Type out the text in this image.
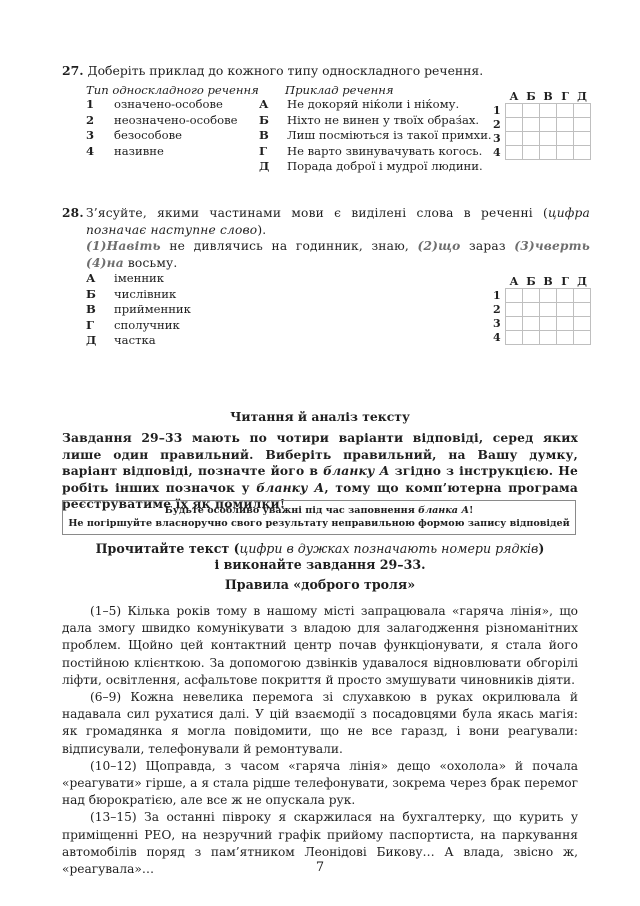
27. Доберіть приклад до кожного типу односкладного речення.
Тип односкладного речення Приклад речення
1	означено-особове
2	неозначено-особове
3	безособове
4	називне
А	Не докоряй ніќоли і ніќому.
Б	Ніхто не винен у твоїх образ́ах.
В	Лиш посміються із такої примхи.
Г	Не варто звинувачувать когось.
Д	Порада доброї і мудрої людини.
	А	Б	В	Г	Д
1					
2					
3					
4					
28. З’ясуйте, якими частинами мови є виділені слова в реченні (цифра позначає наступне слово).
(1)Навіть не дивлячись на годинник, знаю, (2)що зараз (3)чверть (4)на восьму.
А	іменник
Б	числівник
В	прийменник
Г	сполучник
Д	частка
	А	Б	В	Г	Д
1					
2					
3					
4					
Читання й аналіз тексту
Завдання 29–33 мають по чотири варіанти відповіді, серед яких лише один правильний. Виберіть правильний, на Вашу думку, варіант відповіді, позначте його в бланку А згідно з інструкцією. Не робіть інших позначок у бланку А, тому що комп’ютерна програма реєструватиме їх як помилки!
Будьте особливо уважні під час заповнення бланка А!
Не погіршуйте власноручно свого результату неправильною формою запису відповідей
Прочитайте текст (цифри в дужках позначають номери рядків)
і виконайте завдання 29–33.
Правила «доброго троля»

(1–5) Кілька років тому в нашому місті запрацювала «гаряча лінія», що дала змогу швидко комунікувати з владою для залагодження різноманітних проблем. Щойно цей контактний центр почав функціонувати, я стала його постійною клієнткою. За допомогою дзвінків удавалося відновлювати обгорілі ліфти, освітлення, асфальтове покриття й просто змушувати чиновників діяти.

(6–9) Кожна невелика перемога зі слухавкою в руках окрилювала й надавала сил рухатися далі. У цій взаємодії з посадовцями була якась магія: як громадянка я могла повідомити, що не все гаразд, і вони реагували: відписували, телефонували й ремонтували.

(10–12) Щоправда, з часом «гаряча лінія» дещо «охолола» й почала «реагувати» гірше, а я стала рідше телефонувати, зокрема через брак перемог над бюрократією, але все ж не опускала рук.

(13–15) За останні півроку я скаржилася на бухгалтерку, що курить у приміщенні РЕО, на незручний графік прийому паспортиста, на паркування автомобілів поряд з пам’ятником Леонідові Бикову… А влада, звісно ж, «реагувала»…	7
